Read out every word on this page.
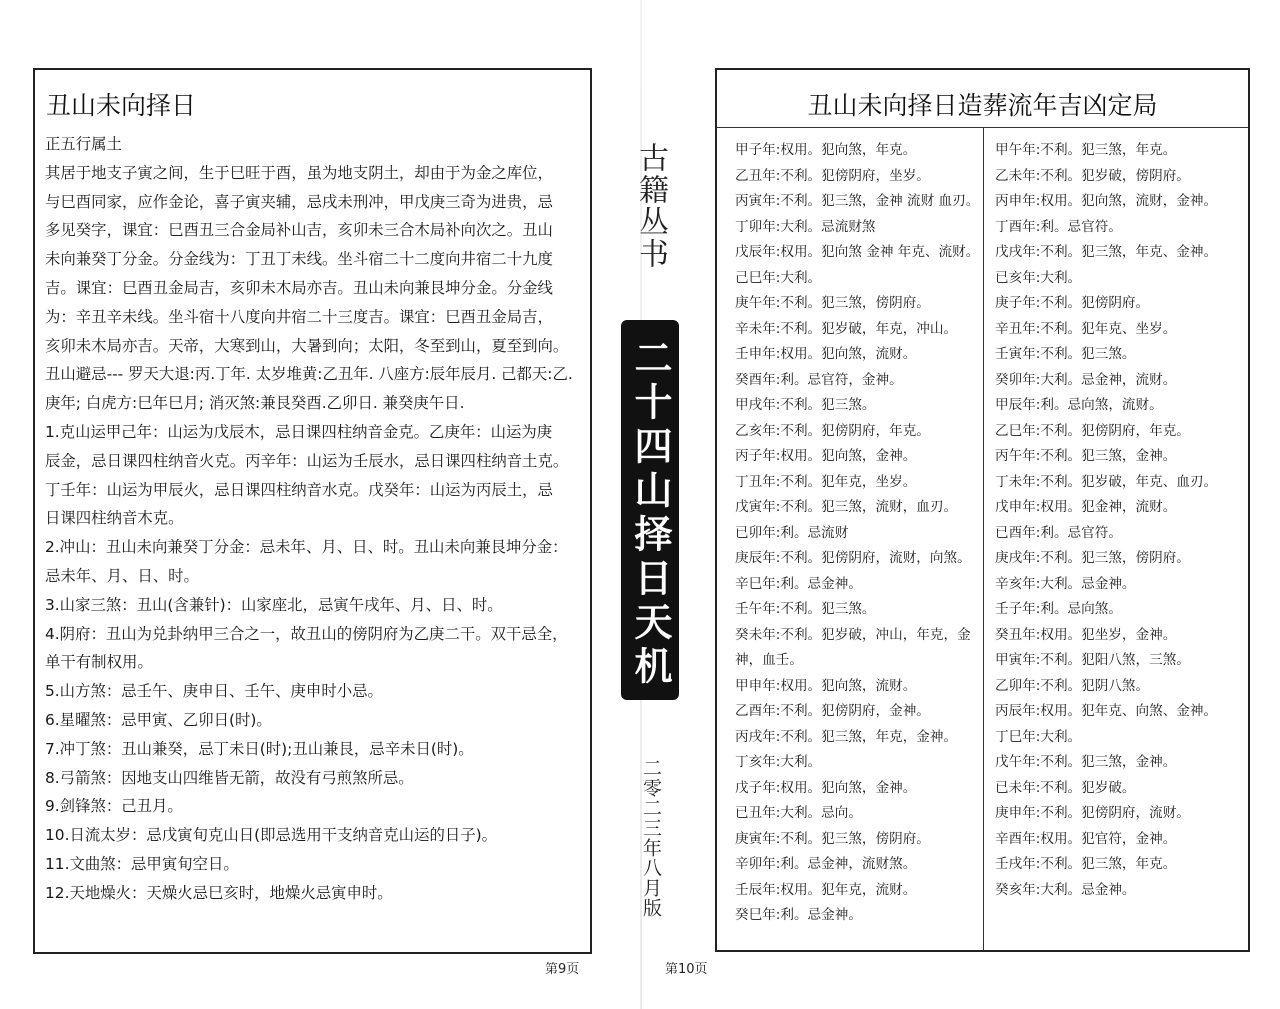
丑山未向择日
正五行属土
其居于地支子寅之间，生于巳旺于酉，虽为地支阴土，却由于为金之库位，
与巳酉同家，应作金论，喜子寅夹辅，忌戌未刑冲，甲戊庚三奇为进贵，忌
多见癸字，课宜：巳酉丑三合金局补山吉，亥卯未三合木局补向次之。丑山
未向兼癸丁分金。分金线为：丁丑丁未线。坐斗宿二十二度向井宿二十九度
吉。课宜：巳酉丑金局吉，亥卯未木局亦吉。丑山未向兼艮坤分金。分金线
为：辛丑辛未线。坐斗宿十八度向井宿二十三度吉。课宜：巳酉丑金局吉，
亥卯未木局亦吉。天帝，大寒到山，大暑到向；太阳，冬至到山，夏至到向。
丑山避忌--- 罗天大退:丙.丁年. 太岁堆黄:乙丑年. 八座方:辰年辰月. 己都天:乙.
庚年; 白虎方:巳年巳月; 消灭煞:兼艮癸酉.乙卯日. 兼癸庚午日.
1.克山运甲己年：山运为戊辰木，忌日课四柱纳音金克。乙庚年：山运为庚
辰金，忌日课四柱纳音火克。丙辛年：山运为壬辰水，忌日课四柱纳音土克。
丁壬年：山运为甲辰火，忌日课四柱纳音水克。戊癸年：山运为丙辰土，忌
日课四柱纳音木克。
2.冲山：丑山未向兼癸丁分金：忌未年、月、日、时。丑山未向兼艮坤分金：
忌未年、月、日、时。
3.山家三煞：丑山(含兼针)：山家座北，忌寅午戌年、月、日、时。
4.阴府：丑山为兑卦纳甲三合之一，故丑山的傍阴府为乙庚二干。双干忌全，
单干有制权用。
5.山方煞：忌壬午、庚申日、壬午、庚申时小忌。
6.星曜煞：忌甲寅、乙卯日(时)。
7.冲丁煞：丑山兼癸，忌丁未日(时);丑山兼艮，忌辛未日(时)。
8.弓箭煞：因地支山四维皆无箭，故没有弓煎煞所忌。
9.剑锋煞：己丑月。
10.日流太岁：忌戊寅旬克山日(即忌选用干支纳音克山运的日子)。
11.文曲煞：忌甲寅旬空日。
12.天地燥火：天燥火忌巳亥时，地燥火忌寅申时。
古籍丛书
二十四山择日天机
二零二三年八月版
丑山未向择日造葬流年吉凶定局
甲子年:权用。犯向煞，年克。
乙丑年:不利。犯傍阴府，坐岁。
丙寅年:不利。犯三煞，金神 流财 血刃。
丁卯年:大利。忌流财煞
戊辰年:权用。犯向煞 金神 年克、流财。
己巳年:大利。
庚午年:不利。犯三煞，傍阴府。
辛未年:不利。犯岁破，年克，冲山。
壬申年:权用。犯向煞，流财。
癸酉年:利。忌官符，金神。
甲戌年:不利。犯三煞。
乙亥年:不利。犯傍阴府，年克。
丙子年:权用。犯向煞，金神。
丁丑年:不利。犯年克，坐岁。
戊寅年:不利。犯三煞，流财，血刃。
已卯年:利。忌流财
庚辰年:不利。犯傍阴府，流财，向煞。
辛巳年:利。忌金神。
壬午年:不利。犯三煞。
癸未年:不利。犯岁破，冲山，年克，金
神，血壬。
甲申年:权用。犯向煞，流财。
乙酉年:不利。犯傍阴府，金神。
丙戌年:不利。犯三煞，年克，金神。
丁亥年:大利。
戊子年:权用。犯向煞，金神。
已丑年:大利。忌向。
庚寅年:不利。犯三煞，傍阴府。
辛卯年:利。忌金神，流财煞。
壬辰年:权用。犯年克，流财。
癸巳年:利。忌金神。
甲午年:不利。犯三煞，年克。
乙未年:不利。犯岁破，傍阴府。
丙申年:权用。犯向煞，流财，金神。
丁酉年:利。忌官符。
戊戌年:不利。犯三煞，年克、金神。
已亥年:大利。
庚子年:不利。犯傍阴府。
辛丑年:不利。犯年克、坐岁。
壬寅年:不利。犯三煞。
癸卯年:大利。忌金神，流财。
甲辰年:利。忌向煞，流财。
乙巳年:不利。犯傍阴府，年克。
丙午年:不利。犯三煞，金神。
丁未年:不利。犯岁破，年克、血刃。
戊申年:权用。犯金神，流财。
已酉年:利。忌官符。
庚戌年:不利。犯三煞，傍阴府。
辛亥年:大利。忌金神。
壬子年:利。忌向煞。
癸丑年:权用。犯坐岁，金神。
甲寅年:不利。犯阳八煞，三煞。
乙卯年:不利。犯阴八煞。
丙辰年:权用。犯年克、向煞、金神。
丁巳年:大利。
戊午年:不利。犯三煞，金神。
已未年:不利。犯岁破。
庚申年:不利。犯傍阴府，流财。
辛酉年:权用。犯官符，金神。
壬戌年:不利。犯三煞，年克。
癸亥年:大利。忌金神。
第9页	第10页
